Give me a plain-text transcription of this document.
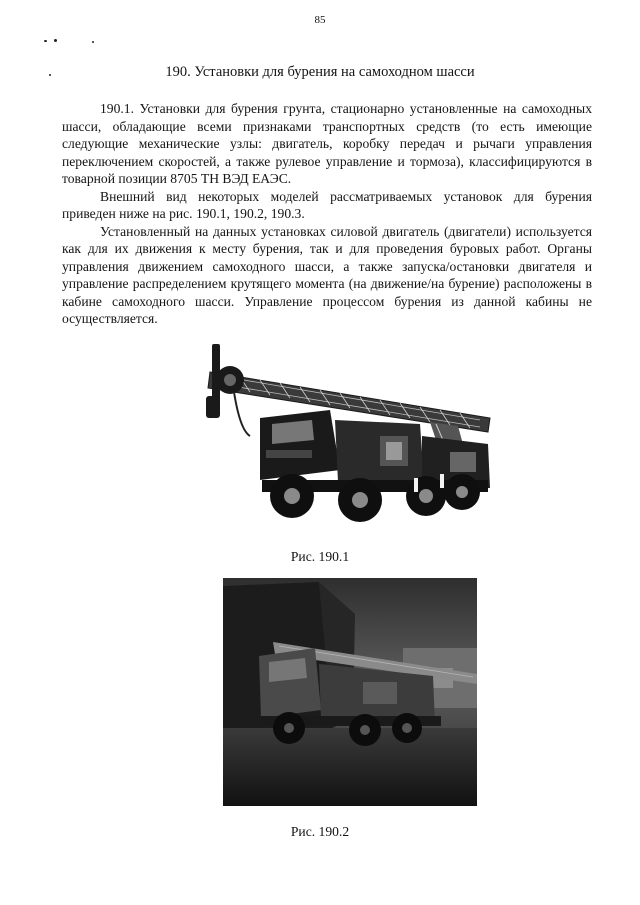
85
190. Установки для бурения на самоходном шасси

190.1. Установки для бурения грунта, стационарно установленные на самоходных шасси, обладающие всеми признаками транспортных средств (то есть имеющие следующие механические узлы: двигатель, коробку передач и рычаги управления переключением скоростей, а также рулевое управление и тормоза), классифицируются в товарной позиции 8705 ТН ВЭД ЕАЭС.

Внешний вид некоторых моделей рассматриваемых установок для бурения приведен ниже на рис. 190.1, 190.2, 190.3.

Установленный на данных установках силовой двигатель (двигатели) используется как для их движения к месту бурения, так и для проведения буровых работ. Органы управления движением самоходного шасси, а также запуска/остановки двигателя и управление распределением крутящего момента (на движение/на бурение) расположены в кабине самоходного шасси. Управление процессом бурения из данной кабины не осуществляется.

Рис. 190.1
Рис. 190.2
